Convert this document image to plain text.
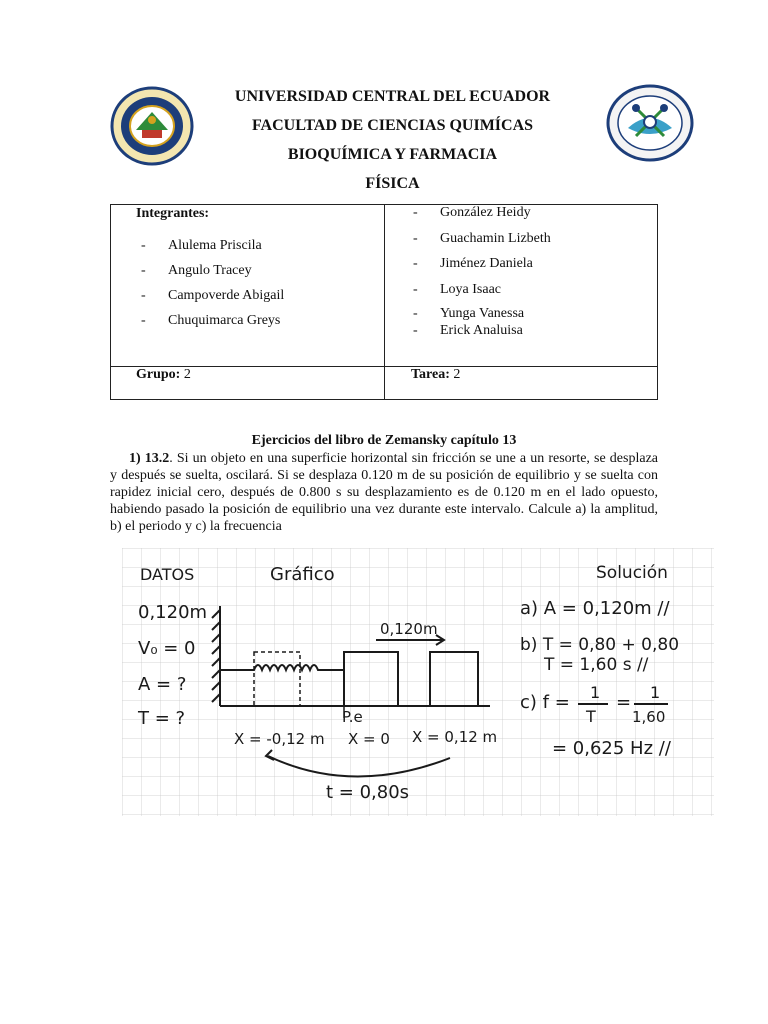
UNIVERSIDAD CENTRAL DEL ECUADOR
FACULTAD DE CIENCIAS QUIMÍCAS
BIOQUÍMICA Y FARMACIA
FÍSICA
Integrantes:
- Alulema Priscila
- Angulo Tracey
- Campoverde Abigail
- Chuquimarca Greys
- González Heidy
- Guachamin Lizbeth
- Jiménez Daniela
- Loya Isaac
- Yunga Vanessa
- Erick Analuisa
Grupo: 2	Tarea: 2
Ejercicios del libro de Zemansky capítulo 13

1) 13.2. Si un objeto en una superficie horizontal sin fricción se une a un resorte, se desplaza y después se suelta, oscilará. Si se desplaza 0.120 m de su posición de equilibrio y se suelta con rapidez inicial cero, después de 0.800 s su desplazamiento es de 0.120 m en el lado opuesto, habiendo pasado la posición de equilibrio una vez durante este intervalo. Calcule a) la amplitud, b) el periodo y c) la frecuencia

DATOS
0,120m
V₀ = 0
A = ?
T = ?
Gráfico
0,120m
P.e
X = -0,12 m X = 0 X = 0,12 m
t = 0,80s
Solución
a) A = 0,120m //
b) T = 0,80 + 0,80
T = 1,60 s //
c) f = 1
T
= 1
1,60
= 0,625 Hz //
